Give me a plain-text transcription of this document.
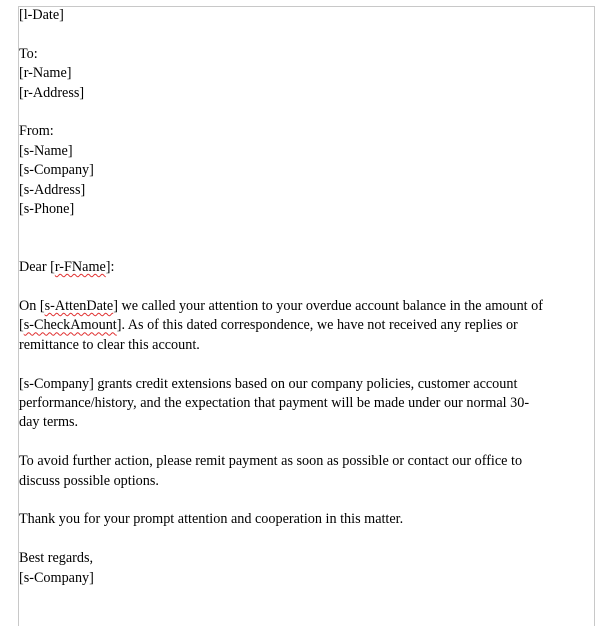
[l-Date]
To:
[r-Name]
[r-Address]
From:
[s-Name]
[s-Company]
[s-Address]
[s-Phone]
Dear [r-FName]:
On [s-AttenDate] we called your attention to your overdue account balance in the amount of
[s-CheckAmount]. As of this dated correspondence, we have not received any replies or
remittance to clear this account.
[s-Company] grants credit extensions based on our company policies, customer account
performance/history, and the expectation that payment will be made under our normal 30-
day terms.
To avoid further action, please remit payment as soon as possible or contact our office to
discuss possible options.
Thank you for your prompt attention and cooperation in this matter.
Best regards,
[s-Company]
